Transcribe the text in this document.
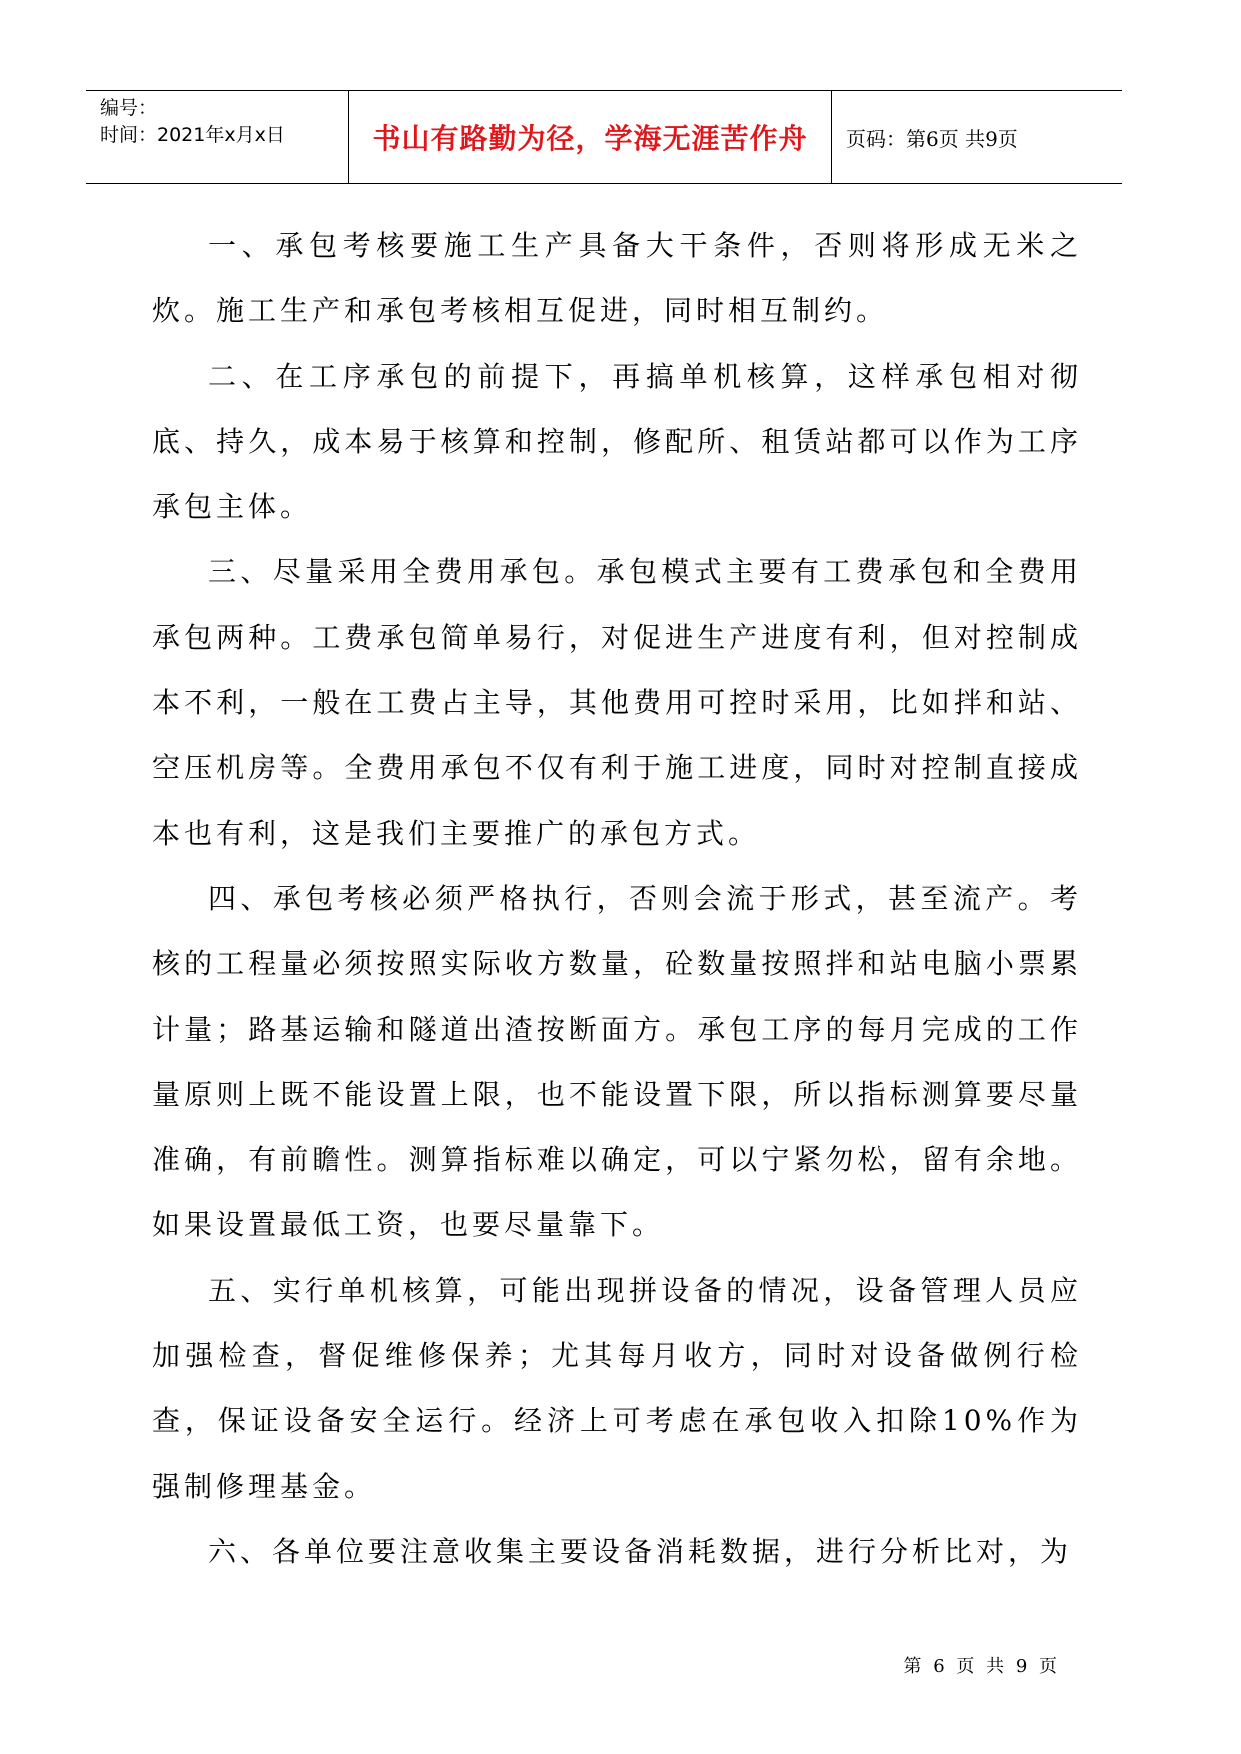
编号：
时间：2021年x月x日	书山有路勤为径，学海无涯苦作舟	页码：第6页 共9页

一、承包考核要施工生产具备大干条件，否则将形成无米之炊。施工生产和承包考核相互促进，同时相互制约。

二、在工序承包的前提下，再搞单机核算，这样承包相对彻底、持久，成本易于核算和控制，修配所、租赁站都可以作为工序承包主体。

三、尽量采用全费用承包。承包模式主要有工费承包和全费用承包两种。工费承包简单易行，对促进生产进度有利，但对控制成本不利，一般在工费占主导，其他费用可控时采用，比如拌和站、空压机房等。全费用承包不仅有利于施工进度，同时对控制直接成本也有利，这是我们主要推广的承包方式。

四、承包考核必须严格执行，否则会流于形式，甚至流产。考核的工程量必须按照实际收方数量，砼数量按照拌和站电脑小票累计量；路基运输和隧道出渣按断面方。承包工序的每月完成的工作量原则上既不能设置上限，也不能设置下限，所以指标测算要尽量准确，有前瞻性。测算指标难以确定，可以宁紧勿松，留有余地。如果设置最低工资，也要尽量靠下。

五、实行单机核算，可能出现拼设备的情况，设备管理人员应加强检查，督促维修保养；尤其每月收方，同时对设备做例行检查，保证设备安全运行。经济上可考虑在承包收入扣除10%作为强制修理基金。

六、各单位要注意收集主要设备消耗数据，进行分析比对，为

第 6 页 共 9 页
